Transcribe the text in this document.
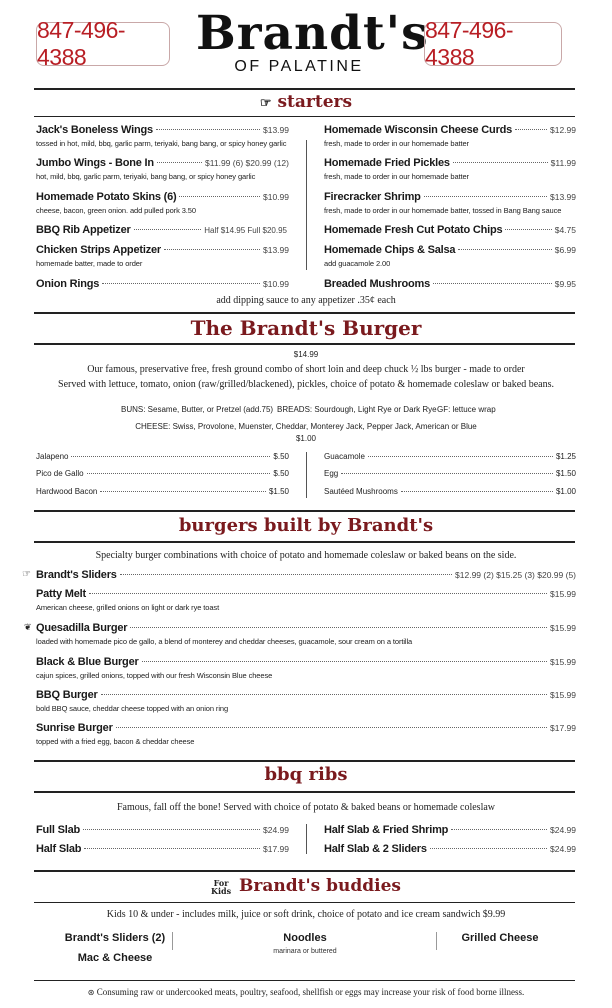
847-496-4388	Brandt's
OF PALATINE
847-496-4388
☞ starters
Jack's Boneless Wings	$13.99
tossed in hot, mild, bbq, garlic parm, teriyaki, bang bang, or spicy honey garlic
Jumbo Wings - Bone In	$11.99 (6) $20.99 (12)
hot, mild, bbq, garlic parm, teriyaki, bang bang, or spicy honey garlic
Homemade Potato Skins (6)	$10.99
cheese, bacon, green onion. add pulled pork 3.50
BBQ Rib Appetizer	Half $14.95 Full $20.95
Chicken Strips Appetizer	$13.99
homemade batter, made to order
Onion Rings	$10.99
Homemade Wisconsin Cheese Curds	$12.99
fresh, made to order in our homemade batter
Homemade Fried Pickles	$11.99
fresh, made to order in our homemade batter
Firecracker Shrimp	$13.99
fresh, made to order in our homemade batter, tossed in Bang Bang sauce
Homemade Fresh Cut Potato Chips	$4.75
Homemade Chips & Salsa	$6.99
add guacamole 2.00
Breaded Mushrooms	$9.95
add dipping sauce to any appetizer .35¢ each
The Brandt's Burger
$14.99
Our famous, preservative free, fresh ground combo of short loin and deep chuck ½ lbs burger - made to order
Served with lettuce, tomato, onion (raw/grilled/blackened), pickles, choice of potato & homemade coleslaw or baked beans.
BUNS: Sesame, Butter, or Pretzel (add.75) BREADS: Sourdough, Light Rye or Dark Rye GF: lettuce wrap
CHEESE: Swiss, Provolone, Muenster, Cheddar, Monterey Jack, Pepper Jack, American or Blue
$1.00
Jalapeno	$.50
Pico de Gallo	$.50
Hardwood Bacon	$1.50
Guacamole	$1.25
Egg	$1.50
Sautéed Mushrooms	$1.00
burgers built by Brandt's
Specialty burger combinations with choice of potato and homemade coleslaw or baked beans on the side.
Brandt's Sliders	$12.99 (2) $15.25 (3) $20.99 (5)
Patty Melt	$15.99
American cheese, grilled onions on light or dark rye toast
Quesadilla Burger	$15.99
loaded with homemade pico de gallo, a blend of monterey and cheddar cheeses, guacamole, sour cream on a tortilla
Black & Blue Burger	$15.99
cajun spices, grilled onions, topped with our fresh Wisconsin Blue cheese
BBQ Burger	$15.99
bold BBQ sauce, cheddar cheese topped with an onion ring
Sunrise Burger	$17.99
topped with a fried egg, bacon & cheddar cheese
☞
❦
bbq ribs
Famous, fall off the bone! Served with choice of potato & baked beans or homemade coleslaw
Full Slab	$24.99
Half Slab	$17.99
Half Slab & Fried Shrimp	$24.99
Half Slab & 2 Sliders	$24.99
For
Kids Brandt's buddies
Kids 10 & under - includes milk, juice or soft drink, choice of potato and ice cream sandwich $9.99
Brandt's Sliders (2)	Noodles
marinara or buttered
Grilled Cheese
Mac & Cheese
⊛ Consuming raw or undercooked meats, poultry, seafood, shellfish or eggs may increase your risk of food borne illness.
